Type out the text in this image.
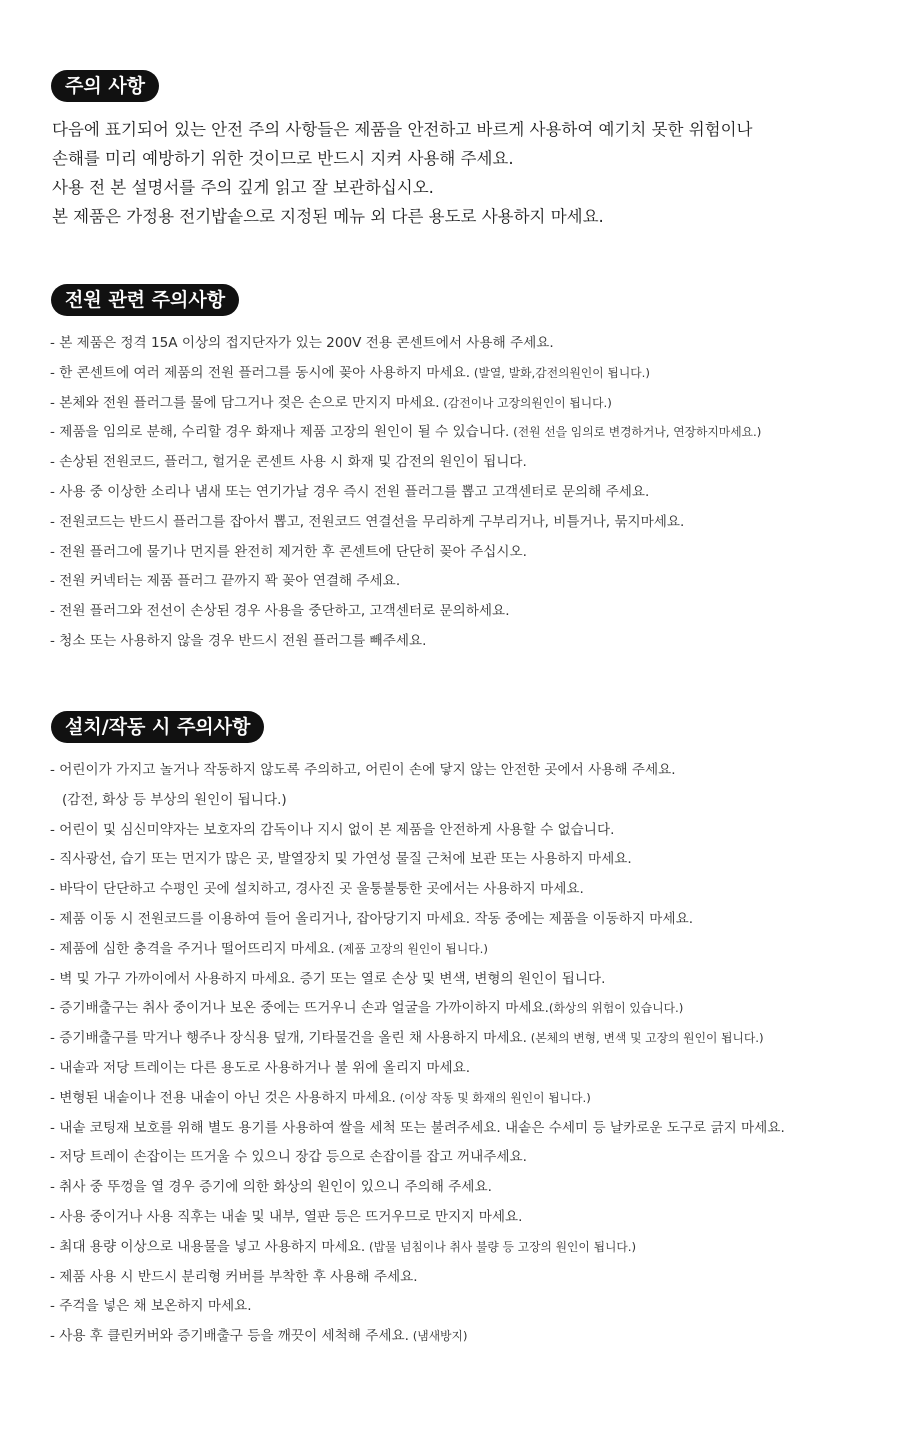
주의 사항
다음에 표기되어 있는 안전 주의 사항들은 제품을 안전하고 바르게 사용하여 예기치 못한 위험이나
손해를 미리 예방하기 위한 것이므로 반드시 지켜 사용해 주세요.
사용 전 본 설명서를 주의 깊게 읽고 잘 보관하십시오.
본 제품은 가정용 전기밥솥으로 지정된 메뉴 외 다른 용도로 사용하지 마세요.
전원 관련 주의사항
- 본 제품은 정격 15A 이상의 접지단자가 있는 200V 전용 콘센트에서 사용해 주세요.
- 한 콘센트에 여러 제품의 전원 플러그를 동시에 꽂아 사용하지 마세요. (발열, 발화,감전의원인이 됩니다.)
- 본체와 전원 플러그를 물에 담그거나 젖은 손으로 만지지 마세요. (감전이나 고장의원인이 됩니다.)
- 제품을 임의로 분해, 수리할 경우 화재나 제품 고장의 원인이 될 수 있습니다. (전원 선을 임의로 변경하거나, 연장하지마세요.)
- 손상된 전원코드, 플러그, 헐거운 콘센트 사용 시 화재 및 감전의 원인이 됩니다.
- 사용 중 이상한 소리나 냄새 또는 연기가날 경우 즉시 전원 플러그를 뽑고 고객센터로 문의해 주세요.
- 전원코드는 반드시 플러그를 잡아서 뽑고, 전원코드 연결선을 무리하게 구부리거나, 비틀거나, 묶지마세요.
- 전원 플러그에 물기나 먼지를 완전히 제거한 후 콘센트에 단단히 꽂아 주십시오.
- 전원 커넥터는 제품 플러그 끝까지 꽉 꽂아 연결해 주세요.
- 전원 플러그와 전선이 손상된 경우 사용을 중단하고, 고객센터로 문의하세요.
- 청소 또는 사용하지 않을 경우 반드시 전원 플러그를 빼주세요.
설치/작동 시 주의사항
- 어린이가 가지고 놀거나 작동하지 않도록 주의하고, 어린이 손에 닿지 않는 안전한 곳에서 사용해 주세요.
(감전, 화상 등 부상의 원인이 됩니다.)
- 어린이 및 심신미약자는 보호자의 감독이나 지시 없이 본 제품을 안전하게 사용할 수 없습니다.
- 직사광선, 습기 또는 먼지가 많은 곳, 발열장치 및 가연성 물질 근처에 보관 또는 사용하지 마세요.
- 바닥이 단단하고 수평인 곳에 설치하고, 경사진 곳 울퉁불퉁한 곳에서는 사용하지 마세요.
- 제품 이동 시 전원코드를 이용하여 들어 올리거나, 잡아당기지 마세요. 작동 중에는 제품을 이동하지 마세요.
- 제품에 심한 충격을 주거나 떨어뜨리지 마세요. (제품 고장의 원인이 됩니다.)
- 벽 및 가구 가까이에서 사용하지 마세요. 증기 또는 열로 손상 및 변색, 변형의 원인이 됩니다.
- 증기배출구는 취사 중이거나 보온 중에는 뜨거우니 손과 얼굴을 가까이하지 마세요.(화상의 위험이 있습니다.)
- 증기배출구를 막거나 행주나 장식용 덮개, 기타물건을 올린 채 사용하지 마세요. (본체의 변형, 변색 및 고장의 원인이 됩니다.)
- 내솥과 저당 트레이는 다른 용도로 사용하거나 불 위에 올리지 마세요.
- 변형된 내솥이나 전용 내솥이 아닌 것은 사용하지 마세요. (이상 작동 및 화재의 원인이 됩니다.)
- 내솥 코팅재 보호를 위해 별도 용기를 사용하여 쌀을 세척 또는 불려주세요. 내솥은 수세미 등 날카로운 도구로 긁지 마세요.
- 저당 트레이 손잡이는 뜨거울 수 있으니 장갑 등으로 손잡이를 잡고 꺼내주세요.
- 취사 중 뚜껑을 열 경우 증기에 의한 화상의 원인이 있으니 주의해 주세요.
- 사용 중이거나 사용 직후는 내솥 및 내부, 열판 등은 뜨거우므로 만지지 마세요.
- 최대 용량 이상으로 내용물을 넣고 사용하지 마세요. (밥물 넘침이나 취사 불량 등 고장의 원인이 됩니다.)
- 제품 사용 시 반드시 분리형 커버를 부착한 후 사용해 주세요.
- 주걱을 넣은 채 보온하지 마세요.
- 사용 후 클린커버와 증기배출구 등을 깨끗이 세척해 주세요. (냄새방지)
